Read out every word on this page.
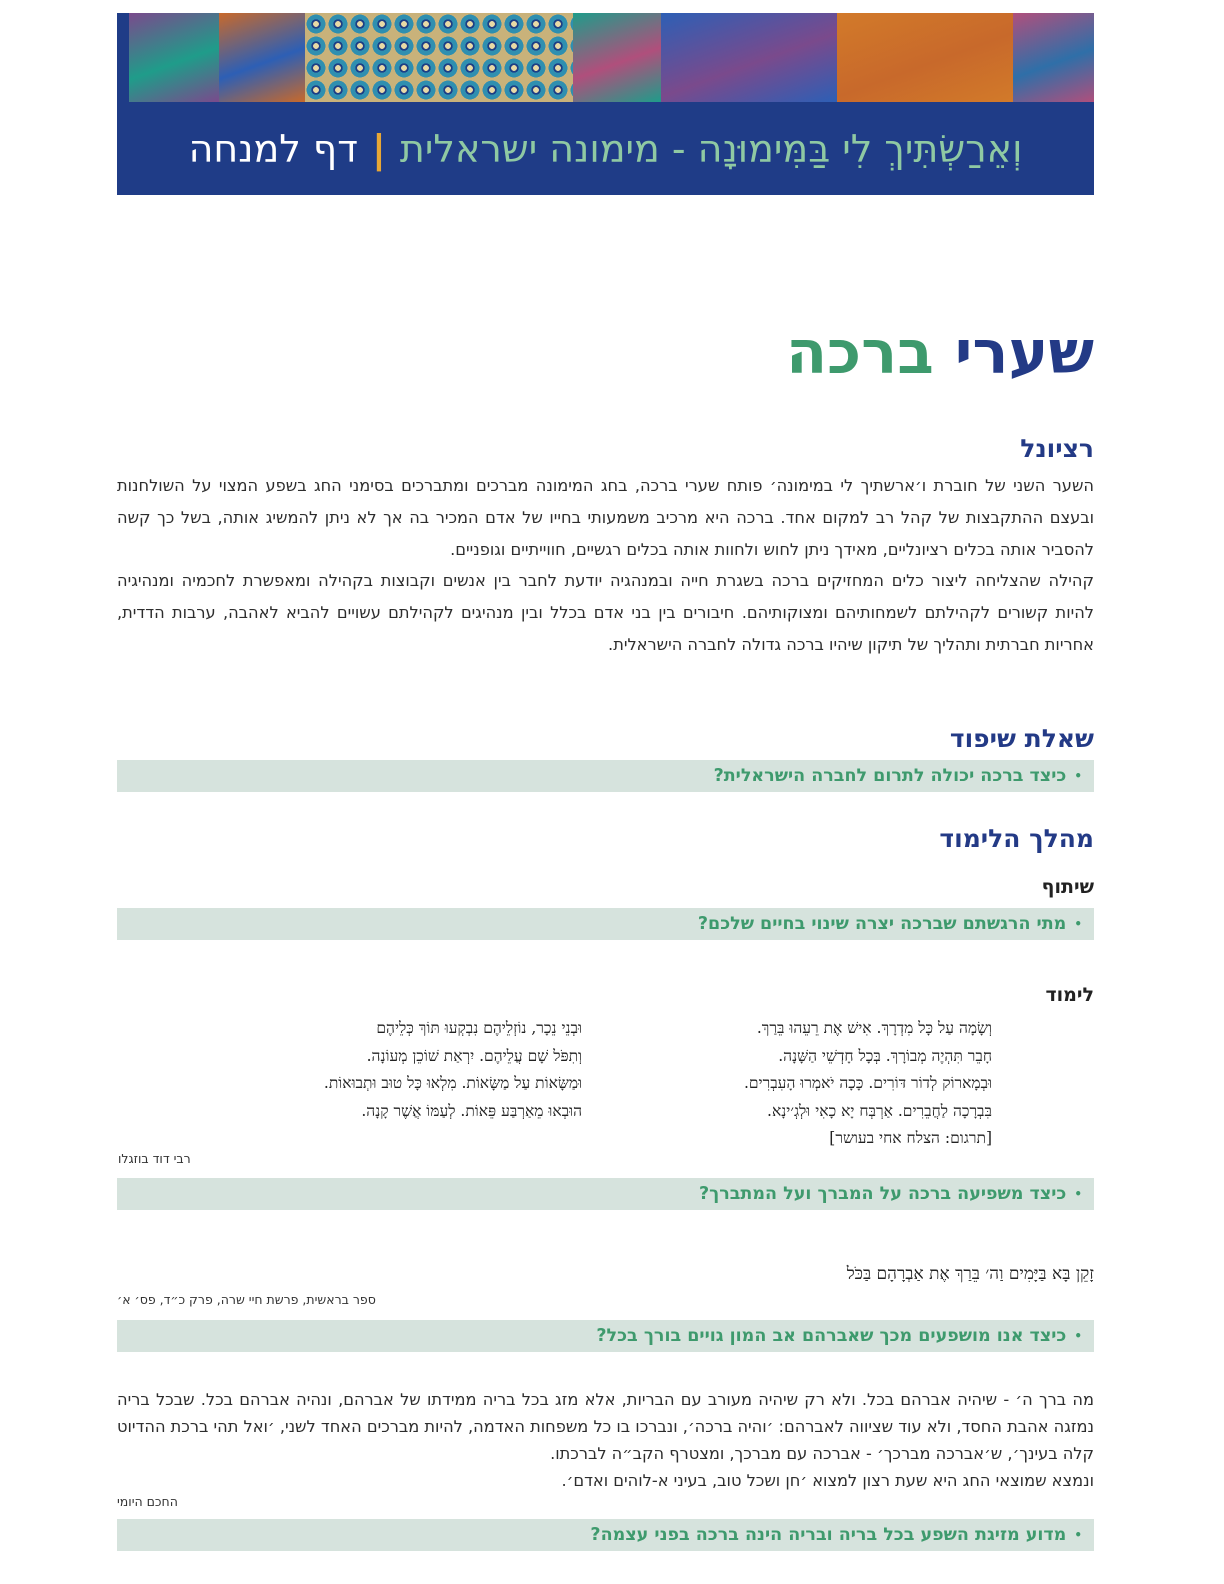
וְאֵרַשְׂתִּיךְ לִי בַּמִּימוּנָה - מימונה ישראלית
|
דף למנחה
שערי ברכה
רציונל

השער השני של חוברת ו׳ארשתיך לי במימונה׳ פותח שערי ברכה, בחג המימונה מברכים ומתברכים בסימני החג בשפע המצוי על השולחנות ובעצם ההתקבצות של קהל רב למקום אחד. ברכה היא מרכיב משמעותי בחייו של אדם המכיר בה אך לא ניתן להמשיג אותה, בשל כך קשה להסביר אותה בכלים רציונליים, מאידך ניתן לחוש ולחוות אותה בכלים רגשיים, חווייתיים וגופניים.

קהילה שהצליחה ליצור כלים המחזיקים ברכה בשגרת חייה ובמנהגיה יודעת לחבר בין אנשים וקבוצות בקהילה ומאפשרת לחכמיה ומנהיגיה להיות קשורים לקהילתם לשמחותיהם ומצוקותיהם. חיבורים בין בני אדם בכלל ובין מנהיגים לקהילתם עשויים להביא לאהבה, ערבות הדדית, אחריות חברתית ותהליך של תיקון שיהיו ברכה גדולה לחברה הישראלית.

שאלת שיפוד
•
כיצד ברכה יכולה לתרום לחברה הישראלית?
מהלך הלימוד
שיתוף
•
מתי הרגשתם שברכה יצרה שינוי בחיים שלכם?
לימוד
וְשָׂמָה עַל כָּל מִדְרָךְ. אִישׁ אֶת רֵעֵהוּ בֵּרַךְ.
חָבֵר תִּהְיֶה מְבוֹרָךְ. בְּכָל חָדְשֵׁי הַשָּׁנָה.
וּבְמָארוֹק לְדוֹר דּוֹרִים. כָּכָה יֹאמְרוּ הָעִבְרִים.
בִּבְרָכָה לַחֲבֵרִים. אַרְבְּח יָא כָאִי וּלְגְ׳ינָא.
[תרגום: הצלח אחי בעושר]
וּבְנֵי נֵכָר, נוֹזְלֵיהֶם נִבְקְעוּ תּוֹךְ כְּלֵיהֶם
וְתִפֹּל שָׁם עֲלֵיהֶם. יִרְאַת שׁוֹכֵן מְעוֹנָה.
וּמַשָּׂאוֹת עַל מַשָּׂאוֹת. מִלְאוּ כָּל טוּב וּתְבוּאוֹת.
הוּבְאוּ מֵאַרְבַּע פֵּאוֹת. לְעַמּוֹ אֲשֶׁר קָנָה.
רבי דוד בוזגלו
•
כיצד משפיעה ברכה על המברך ועל המתברך?
זָקֵן בָּא בַּיָּמִים וַה׳ בֵּרַךְ אֶת אַבְרָהָם בַּכֹּל
ספר בראשית, פרשת חיי שרה, פרק כ״ד, פס׳ א׳
•
כיצד אנו מושפעים מכך שאברהם אב המון גויים בורך בכל?

מה ברך ה׳ - שיהיה אברהם בכל. ולא רק שיהיה מעורב עם הבריות, אלא מזג בכל בריה ממידתו של אברהם, ונהיה אברהם בכל. שבכל בריה נמזגה אהבת החסד, ולא עוד שציווה לאברהם: ׳והיה ברכה׳, ונברכו בו כל משפחות האדמה, להיות מברכים האחד לשני, ׳ואל תהי ברכת ההדיוט קלה בעינך׳, ש׳אברכה מברכך׳ - אברכה עם מברכך, ומצטרף הקב״ה לברכתו.

ונמצא שמוצאי החג היא שעת רצון למצוא ׳חן ושכל טוב, בעיני א-לוהים ואדם׳.

החכם היומי
•
מדוע מזיגת השפע בכל בריה ובריה הינה ברכה בפני עצמה?
